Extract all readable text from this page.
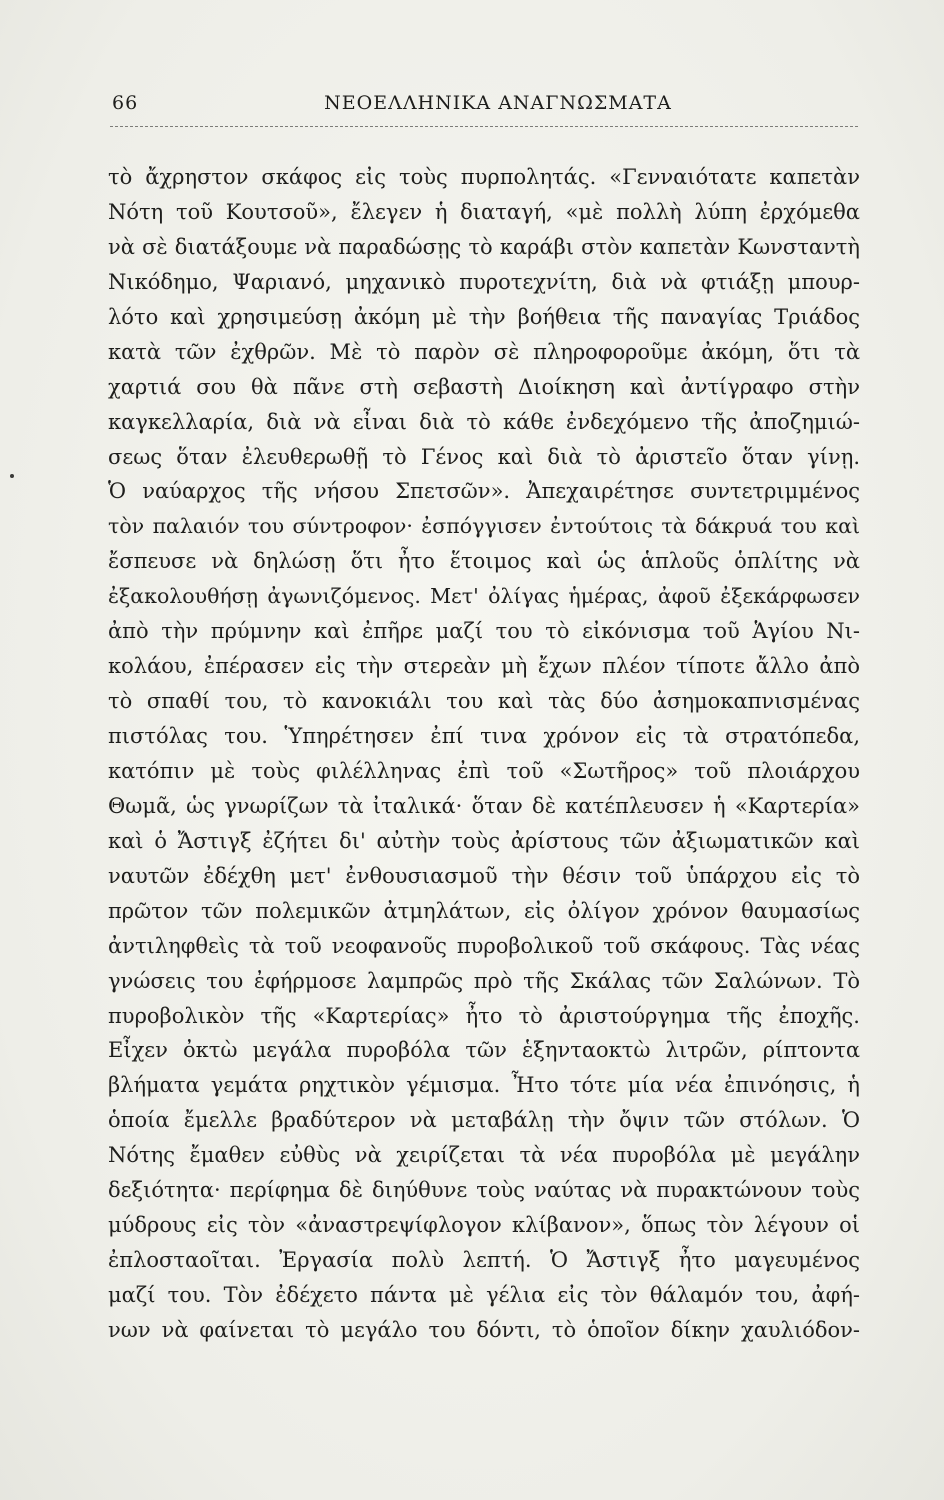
66	ΝΕΟΕΛΛΗΝΙΚΑ ΑΝΑΓΝΩΣΜΑΤΑ
τὸ ἄχρηστον σκάφος εἰς τοὺς πυρπολητάς. «Γενναιότατε καπετὰν
Νότη τοῦ Κουτσοῦ», ἔλεγεν ἡ διαταγή, «μὲ πολλὴ λύπη ἐρχόμεθα
νὰ σὲ διατάξουμε νὰ παραδώσῃς τὸ καράβι στὸν καπετὰν Κωνσταντὴ
Νικόδημο, Ψαριανό, μηχανικὸ πυροτεχνίτη, διὰ νὰ φτιάξῃ μπουρ-
λότο καὶ χρησιμεύσῃ ἀκόμη μὲ τὴν βοήθεια τῆς παναγίας Τριάδος
κατὰ τῶν ἐχθρῶν. Μὲ τὸ παρὸν σὲ πληροφοροῦμε ἀκόμη, ὅτι τὰ
χαρτιά σου θὰ πᾶνε στὴ σεβαστὴ Διοίκηση καὶ ἀντίγραφο στὴν
καγκελλαρία, διὰ νὰ εἶναι διὰ τὸ κάθε ἐνδεχόμενο τῆς ἀποζημιώ-
σεως ὅταν ἐλευθερωθῇ τὸ Γένος καὶ διὰ τὸ ἀριστεῖο ὅταν γίνῃ.
Ὁ ναύαρχος τῆς νήσου Σπετσῶν». Ἀπεχαιρέτησε συντετριμμένος
τὸν παλαιόν του σύντροφον· ἐσπόγγισεν ἐντούτοις τὰ δάκρυά του καὶ
ἔσπευσε νὰ δηλώσῃ ὅτι ἦτο ἕτοιμος καὶ ὡς ἁπλοῦς ὁπλίτης νὰ
ἐξακολουθήσῃ ἀγωνιζόμενος. Μετ' ὀλίγας ἡμέρας, ἀφοῦ ἐξεκάρφωσεν
ἀπὸ τὴν πρύμνην καὶ ἐπῆρε μαζί του τὸ εἰκόνισμα τοῦ Ἁγίου Νι-
κολάου, ἐπέρασεν εἰς τὴν στερεὰν μὴ ἔχων πλέον τίποτε ἄλλο ἀπὸ
τὸ σπαθί του, τὸ κανοκιάλι του καὶ τὰς δύο ἀσημοκαπνισμένας
πιστόλας του. Ὑπηρέτησεν ἐπί τινα χρόνον εἰς τὰ στρατόπεδα,
κατόπιν μὲ τοὺς φιλέλληνας ἐπὶ τοῦ «Σωτῆρος» τοῦ πλοιάρχου
Θωμᾶ, ὡς γνωρίζων τὰ ἰταλικά· ὅταν δὲ κατέπλευσεν ἡ «Καρτερία»
καὶ ὁ Ἄστιγξ ἐζήτει δι' αὐτὴν τοὺς ἀρίστους τῶν ἀξιωματικῶν καὶ
ναυτῶν ἐδέχθη μετ' ἐνθουσιασμοῦ τὴν θέσιν τοῦ ὑπάρχου εἰς τὸ
πρῶτον τῶν πολεμικῶν ἀτμηλάτων, εἰς ὀλίγον χρόνον θαυμασίως
ἀντιληφθεὶς τὰ τοῦ νεοφανοῦς πυροβολικοῦ τοῦ σκάφους. Τὰς νέας
γνώσεις του ἐφήρμοσε λαμπρῶς πρὸ τῆς Σκάλας τῶν Σαλώνων. Τὸ
πυροβολικὸν τῆς «Καρτερίας» ἦτο τὸ ἀριστούργημα τῆς ἐποχῆς.
Εἶχεν ὀκτὼ μεγάλα πυροβόλα τῶν ἑξηνταοκτὼ λιτρῶν, ρίπτοντα
βλήματα γεμάτα ρηχτικὸν γέμισμα. Ἦτο τότε μία νέα ἐπινόησις, ἡ
ὁποία ἔμελλε βραδύτερον νὰ μεταβάλῃ τὴν ὄψιν τῶν στόλων. Ὁ
Νότης ἔμαθεν εὐθὺς νὰ χειρίζεται τὰ νέα πυροβόλα μὲ μεγάλην
δεξιότητα· περίφημα δὲ διηύθυνε τοὺς ναύτας νὰ πυρακτώνουν τοὺς
μύδρους εἰς τὸν «ἀναστρεψίφλογον κλίβανον», ὅπως τὸν λέγουν οἱ
ἐπλοσταοῖται. Ἐργασία πολὺ λεπτή. Ὁ Ἄστιγξ ἦτο μαγευμένος
μαζί του. Τὸν ἐδέχετο πάντα μὲ γέλια εἰς τὸν θάλαμόν του, ἀφή-
νων νὰ φαίνεται τὸ μεγάλο του δόντι, τὸ ὁποῖον δίκην χαυλιόδον-
